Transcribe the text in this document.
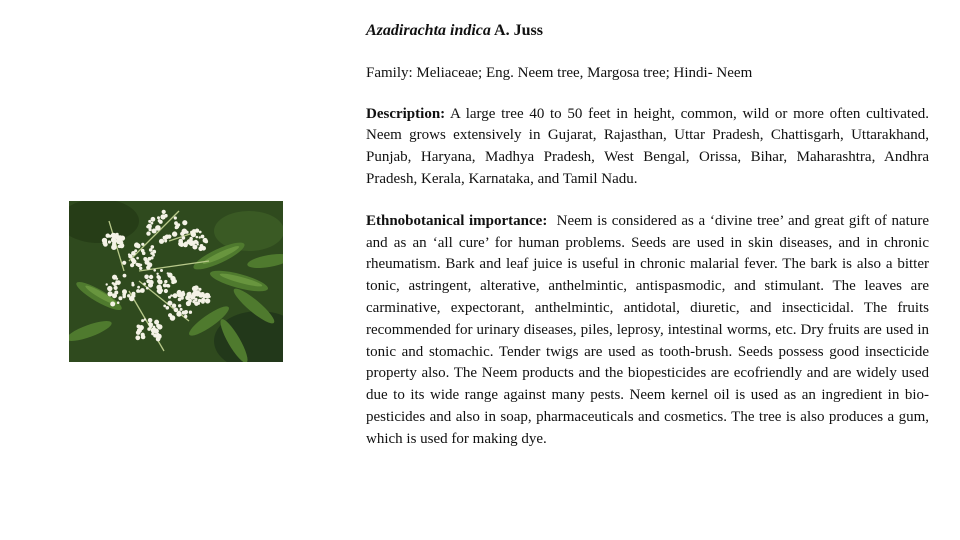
Azadirachta indica A. Juss

Family: Meliaceae; Eng. Neem tree, Margosa tree; Hindi- Neem

Description: A large tree 40 to 50 feet in height, common, wild or more often cultivated. Neem grows extensively in Gujarat, Rajasthan, Uttar Pradesh, Chattisgarh, Uttarakhand, Punjab, Haryana, Madhya Pradesh, West Bengal, Orissa, Bihar, Maharashtra, Andhra Pradesh, Kerala, Karnataka, and Tamil Nadu.

Ethnobotanical importance:  Neem is considered as a ‘divine tree’ and great gift of nature and as an ‘all cure’ for human problems. Seeds are used in skin diseases, and in chronic rheumatism. Bark and leaf juice is useful in chronic malarial fever. The bark is also a bitter tonic, astringent, alterative, anthelmintic, antispasmodic, and stimulant. The leaves are carminative, expectorant, anthelmintic, antidotal, diuretic, and insecticidal. The fruits recommended for urinary diseases, piles, leprosy, intestinal worms, etc. Dry fruits are used in tonic and stomachic. Tender twigs are used as tooth-brush. Seeds possess good insecticide property also. The Neem products and the biopesticides are ecofriendly and are widely used due to its wide range against many pests. Neem kernel oil is used as an ingredient in bio-pesticides and also in soap, pharmaceuticals and cosmetics. The tree is also produces a gum, which is used for making dye.
